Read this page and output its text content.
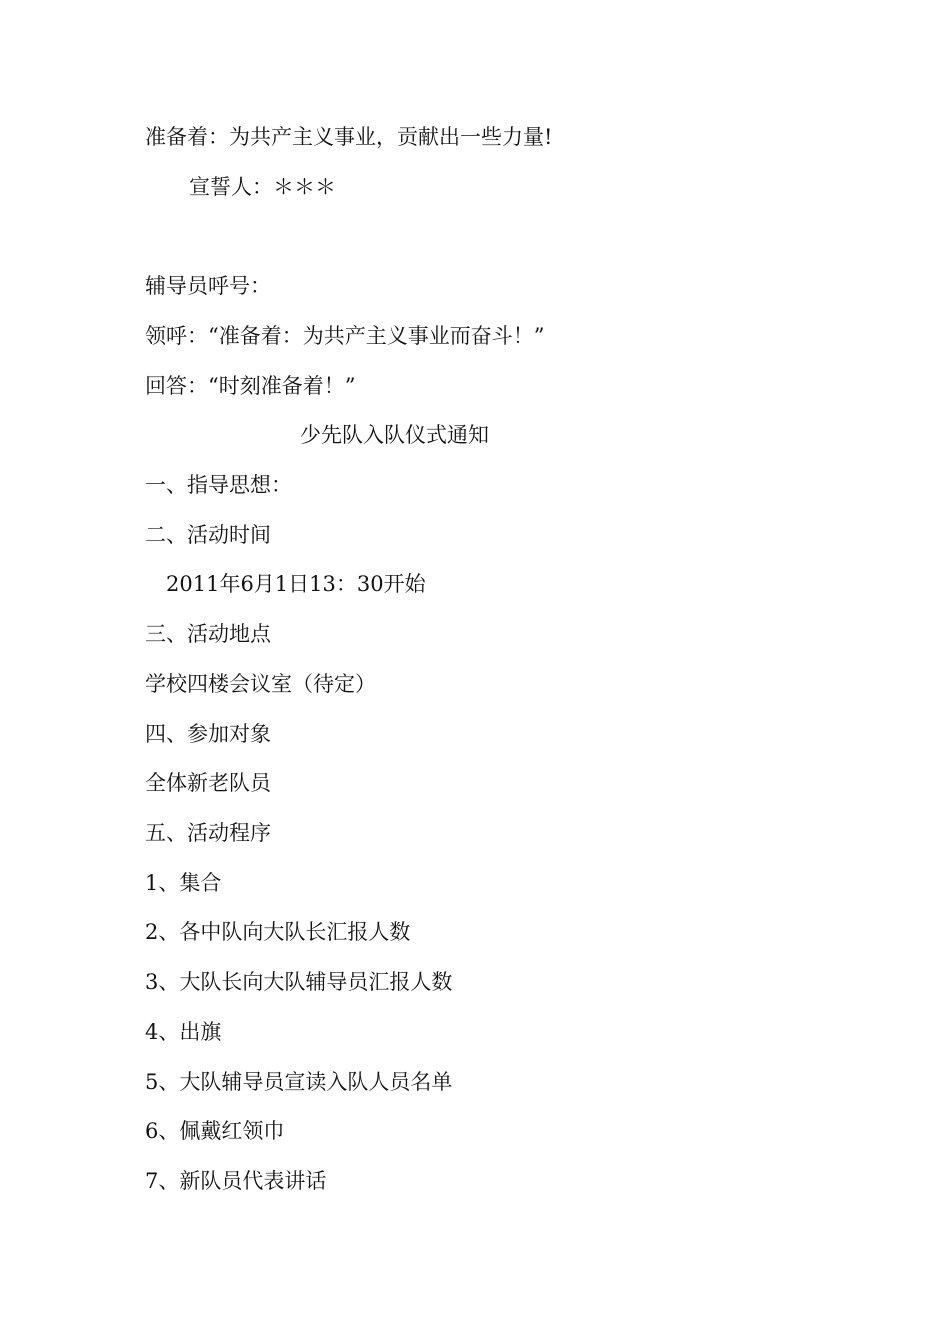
准备着：为共产主义事业，贡献出一些力量!
宣誓人：＊＊＊
辅导员呼号：
领呼：“准备着：为共产主义事业而奋斗！”
回答：“时刻准备着！”
少先队入队仪式通知
一、指导思想：
二、活动时间
2011年6月1日13：30开始
三、活动地点
学校四楼会议室（待定）
四、参加对象
全体新老队员
五、活动程序
1、集合
2、各中队向大队长汇报人数
3、大队长向大队辅导员汇报人数
4、出旗
5、大队辅导员宣读入队人员名单
6、佩戴红领巾
7、新队员代表讲话
